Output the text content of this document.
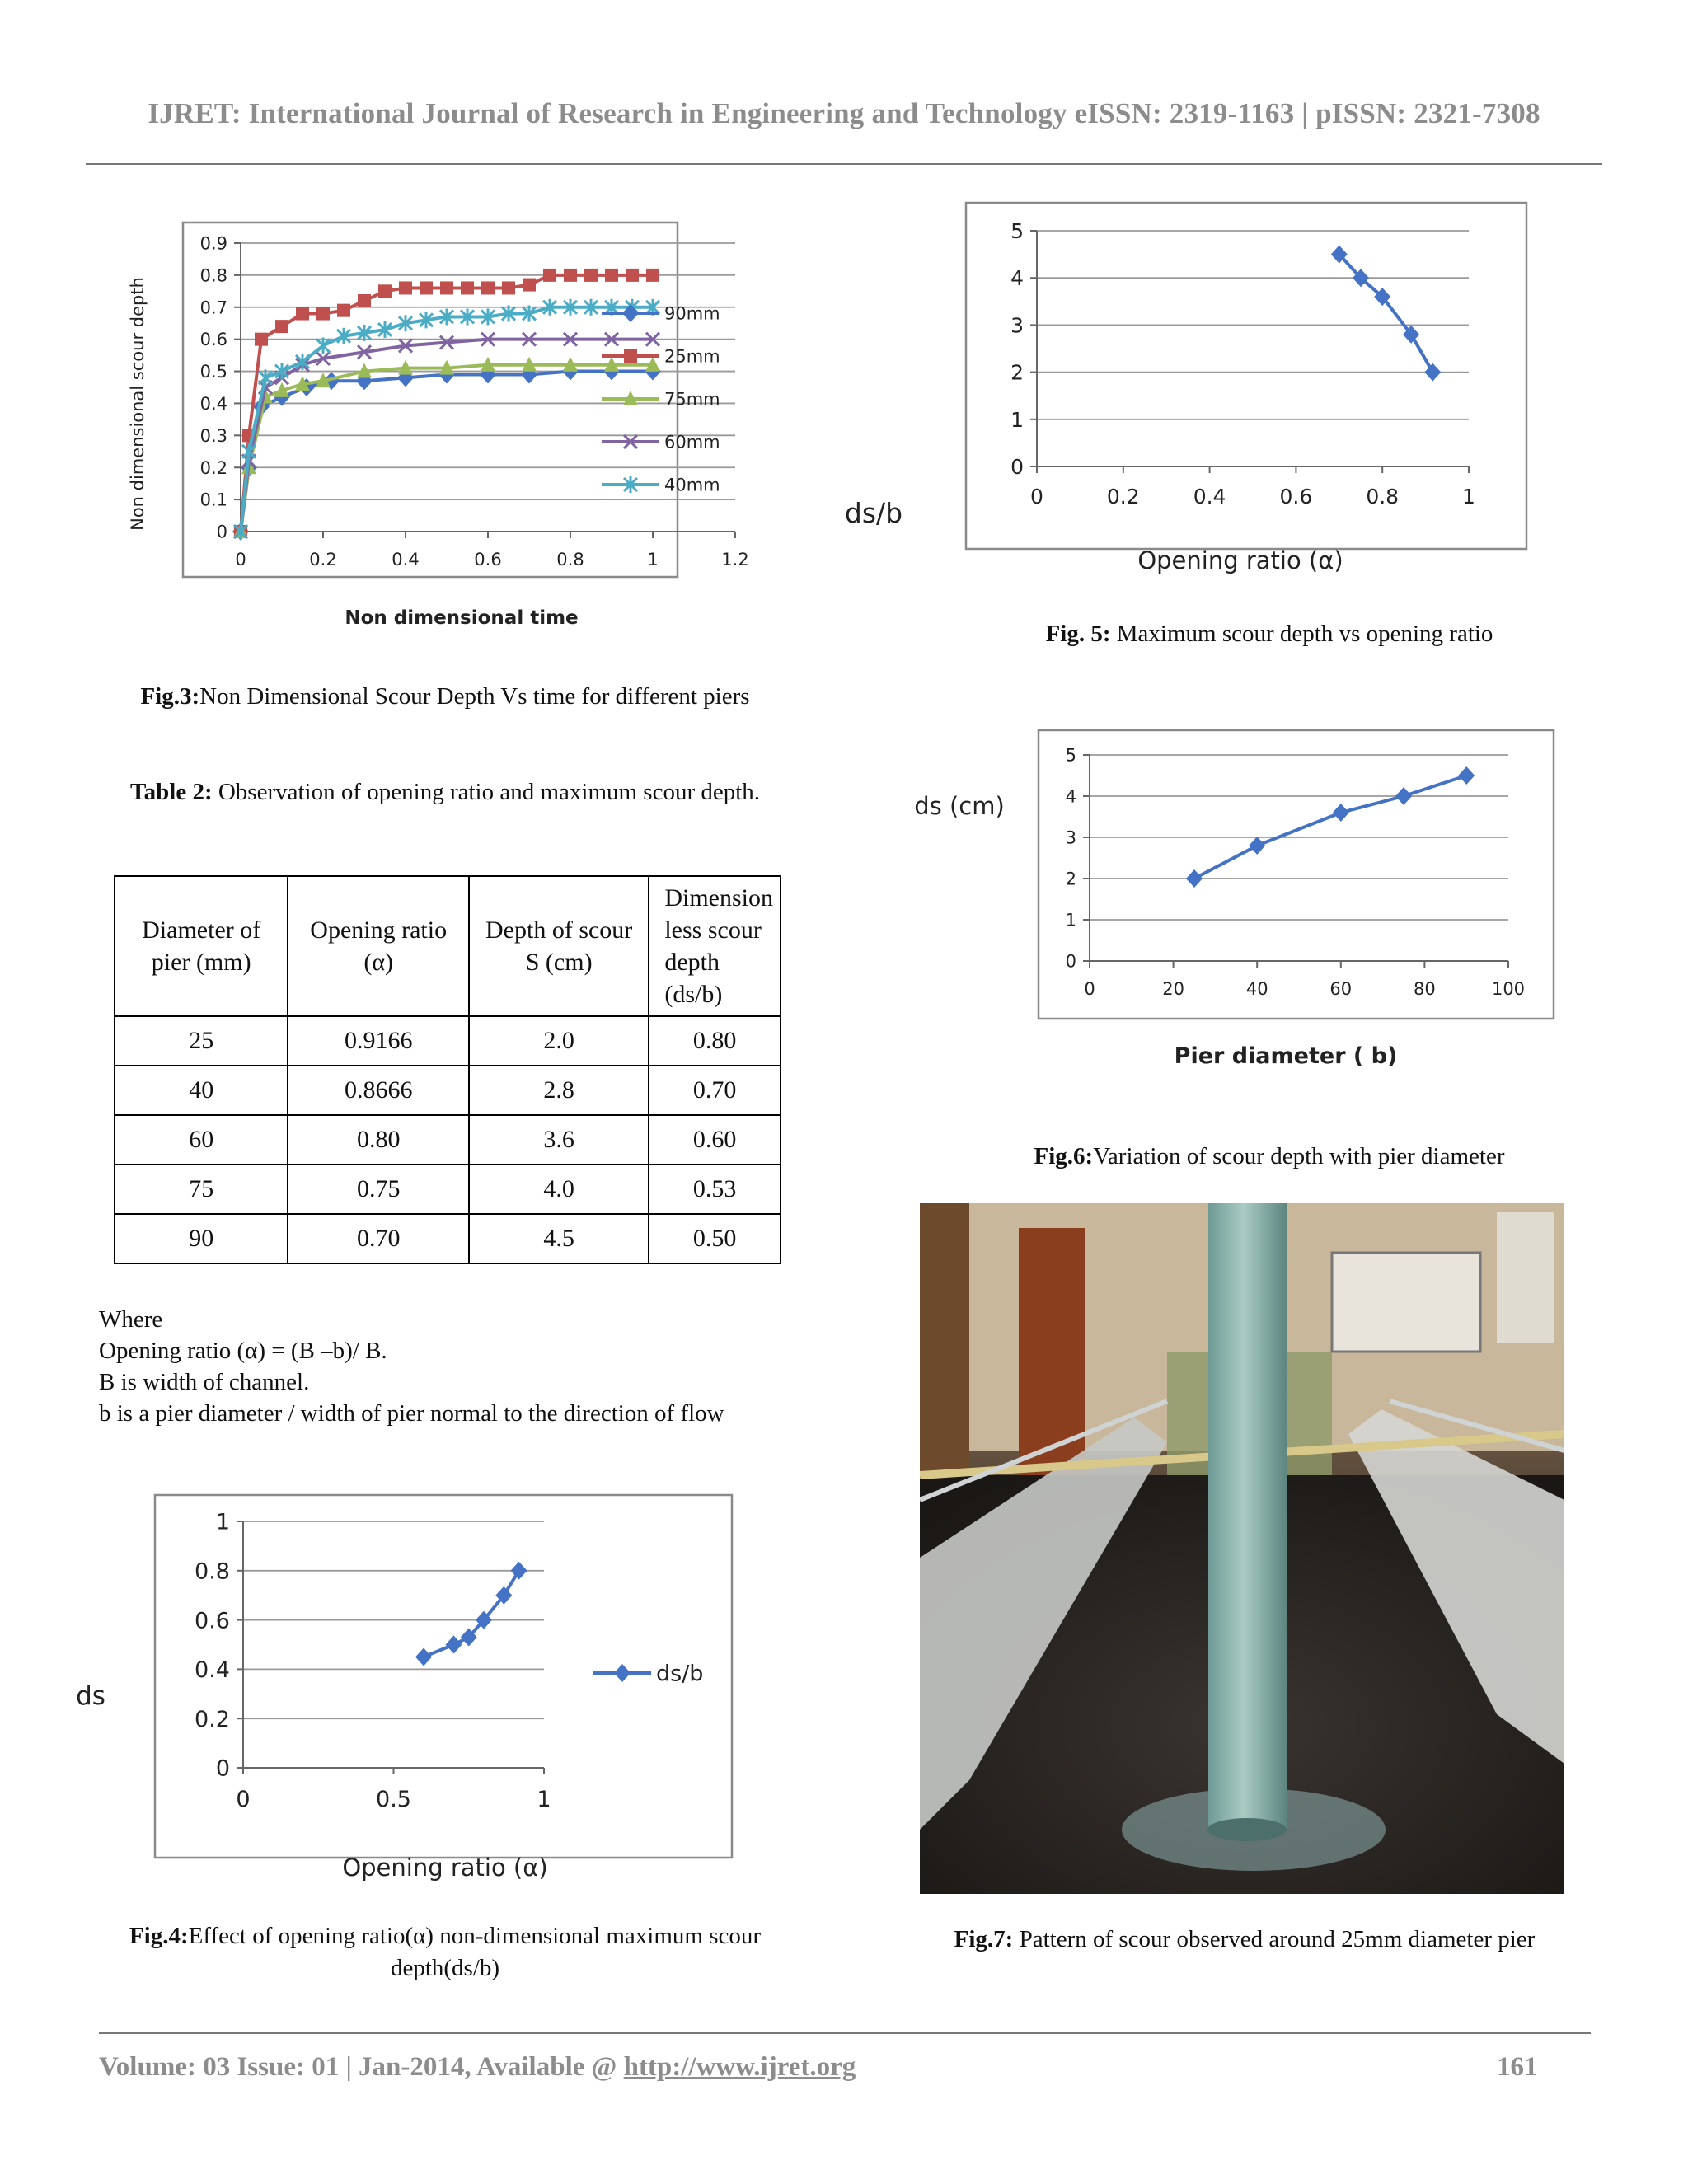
IJRET: International Journal of Research in Engineering and Technology eISSN: 2319-1163 | pISSN: 2321-7308
0
0.1
0.2
0.3
0.4
0.5
0.6
0.7
0.8
0.9
0	0.2	0.4	0.6	0.8	1	1.2
90mm
25mm
75mm
60mm
40mm
Non dimensional time
Non dimensional scour depth
Fig.3:Non Dimensional Scour Depth Vs time for different piers
Table 2: Observation of opening ratio and maximum scour depth.
Diameter of pier (mm)	Opening ratio (α)	Depth of scour S (cm)	Dimension less scour depth (ds/b)
25	0.9166	2.0	0.80
40	0.8666	2.8	0.70
60	0.80	3.6	0.60
75	0.75	4.0	0.53
90	0.70	4.5	0.50
Where
Opening ratio (α) = (B –b)/ B.
B is width of channel.
b is a pier diameter / width of pier normal to the direction of flow
0
0.2
0.4
0.6
0.8
1
0	0.5	1
ds/b
Opening ratio (α)
ds
Fig.4:Effect of opening ratio(α) non-dimensional maximum scour depth(ds/b)
0
1
2
3
4
5
0	0.2	0.4	0.6	0.8	1
Opening ratio (α)
ds/b
Fig. 5: Maximum scour depth vs opening ratio
0
1
2
3
4
5
0	20	40	60	80	100
Pier diameter ( b)
ds (cm)
Fig.6:Variation of scour depth with pier diameter
Fig.7: Pattern of scour observed around 25mm diameter pier
Volume: 03 Issue: 01 | Jan-2014, Available @ http://www.ijret.org	161
